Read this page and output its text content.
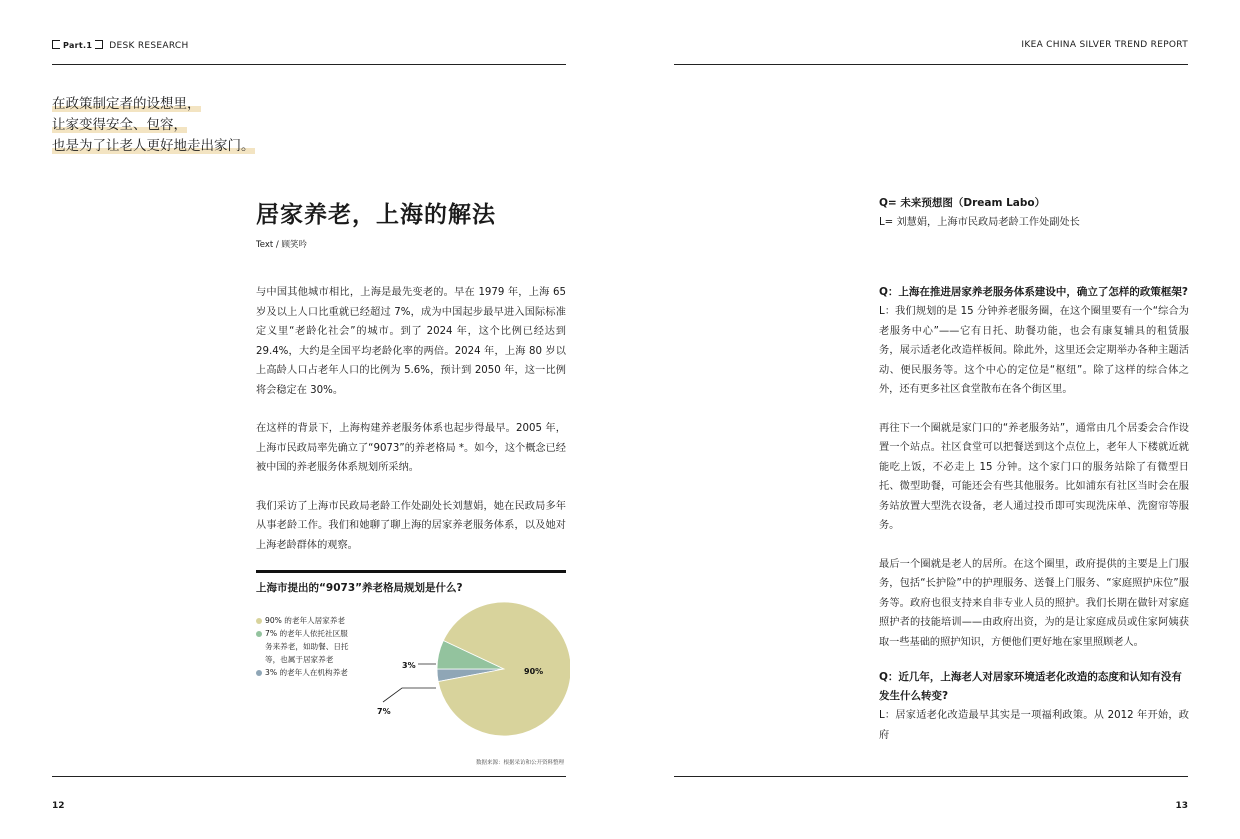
Part.1 DESK RESEARCH
在政策制定者的设想里，
让家变得安全、包容，
也是为了让老人更好地走出家门。
居家养老，上海的解法
Text / 顾笑吟

与中国其他城市相比，上海是最先变老的。早在 1979 年，上海 65 岁及以上人口比重就已经超过 7%，成为中国起步最早进入国际标准定义里“老龄化社会”的城市。到了 2024 年，这个比例已经达到 29.4%，大约是全国平均老龄化率的两倍。2024 年，上海 80 岁以上高龄人口占老年人口的比例为 5.6%，预计到 2050 年，这一比例将会稳定在 30%。

在这样的背景下，上海构建养老服务体系也起步得最早。2005 年，上海市民政局率先确立了“9073”的养老格局 *。如今，这个概念已经被中国的养老服务体系规划所采纳。

我们采访了上海市民政局老龄工作处副处长刘慧娟，她在民政局多年从事老龄工作。我们和她聊了聊上海的居家养老服务体系，以及她对上海老龄群体的观察。

上海市提出的“9073”养老格局规划是什么?
90% 的老年人居家养老
7% 的老年人依托社区服
务来养老，如助餐、日托
等，也属于居家养老
3% 的老年人在机构养老
3%
7%
90%
数据来源：根据采访和公开资料整理
12
IKEA CHINA SILVER TREND REPORT
Q= 未来预想图（Dream Labo）
L= 刘慧娟，上海市民政局老龄工作处副处长

Q：上海在推进居家养老服务体系建设中，确立了怎样的政策框架?

L：我们规划的是 15 分钟养老服务圈，在这个圈里要有一个“综合为老服务中心”——它有日托、助餐功能，也会有康复辅具的租赁服务，展示适老化改造样板间。除此外，这里还会定期举办各种主题活动、便民服务等。这个中心的定位是“枢纽”。除了这样的综合体之外，还有更多社区食堂散布在各个街区里。

再往下一个圈就是家门口的“养老服务站”，通常由几个居委会合作设置一个站点。社区食堂可以把餐送到这个点位上，老年人下楼就近就能吃上饭，不必走上 15 分钟。这个家门口的服务站除了有微型日托、微型助餐，可能还会有些其他服务。比如浦东有社区当时会在服务站放置大型洗衣设备，老人通过投币即可实现洗床单、洗窗帘等服务。

最后一个圈就是老人的居所。在这个圈里，政府提供的主要是上门服务，包括“长护险”中的护理服务、送餐上门服务、“家庭照护床位”服务等。政府也很支持来自非专业人员的照护。我们长期在做针对家庭照护者的技能培训——由政府出资，为的是让家庭成员或住家阿姨获取一些基础的照护知识，方便他们更好地在家里照顾老人。

Q：近几年，上海老人对居家环境适老化改造的态度和认知有没有发生什么转变?

L：居家适老化改造最早其实是一项福利政策。从 2012 年开始，政府

13
